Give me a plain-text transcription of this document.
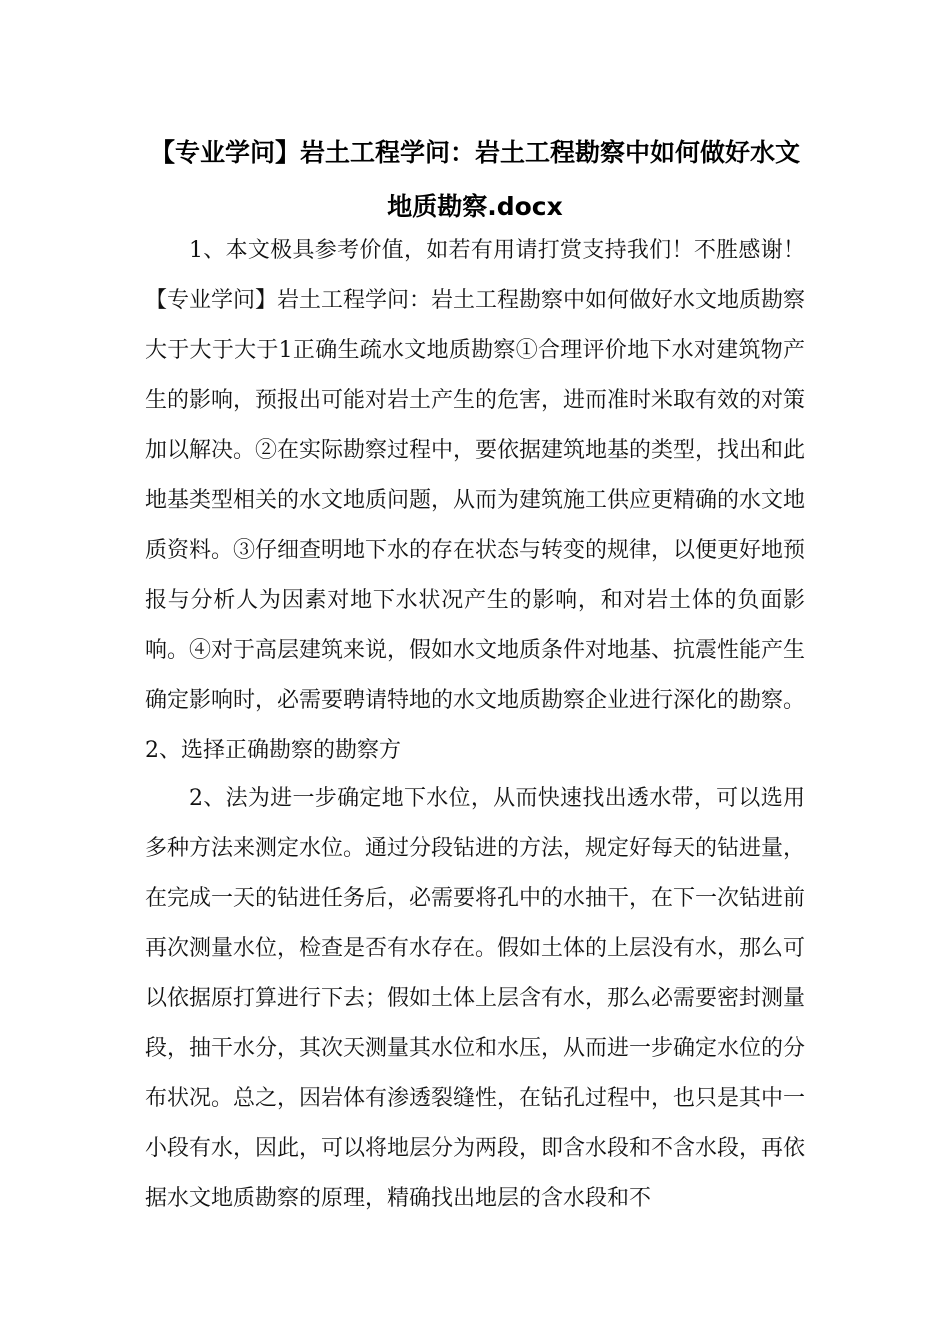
【专业学问】岩土工程学问：岩土工程勘察中如何做好水文地质勘察.docx

1、本文极具参考价值，如若有用请打赏支持我们！不胜感谢！【专业学问】岩土工程学问：岩土工程勘察中如何做好水文地质勘察大于大于大于1正确生疏水文地质勘察①合理评价地下水对建筑物产生的影响，预报出可能对岩土产生的危害，进而准时米取有效的对策加以解决。②在实际勘察过程中，要依据建筑地基的类型，找出和此地基类型相关的水文地质问题，从而为建筑施工供应更精确的水文地质资料。③仔细查明地下水的存在状态与转变的规律，以便更好地预报与分析人为因素对地下水状况产生的影响，和对岩土体的负面影响。④对于高层建筑来说，假如水文地质条件对地基、抗震性能产生确定影响时，必需要聘请特地的水文地质勘察企业进行深化的勘察。2、选择正确勘察的勘察方

2、法为进一步确定地下水位，从而快速找出透水带，可以选用多种方法来测定水位。通过分段钻进的方法，规定好每天的钻进量，在完成一天的钻进任务后，必需要将孔中的水抽干，在下一次钻进前再次测量水位，检查是否有水存在。假如土体的上层没有水，那么可以依据原打算进行下去；假如土体上层含有水，那么必需要密封测量段，抽干水分，其次天测量其水位和水压，从而进一步确定水位的分布状况。总之，因岩体有渗透裂缝性，在钻孔过程中，也只是其中一小段有水，因此，可以将地层分为两段，即含水段和不含水段，再依据水文地质勘察的原理，精确找出地层的含水段和不
